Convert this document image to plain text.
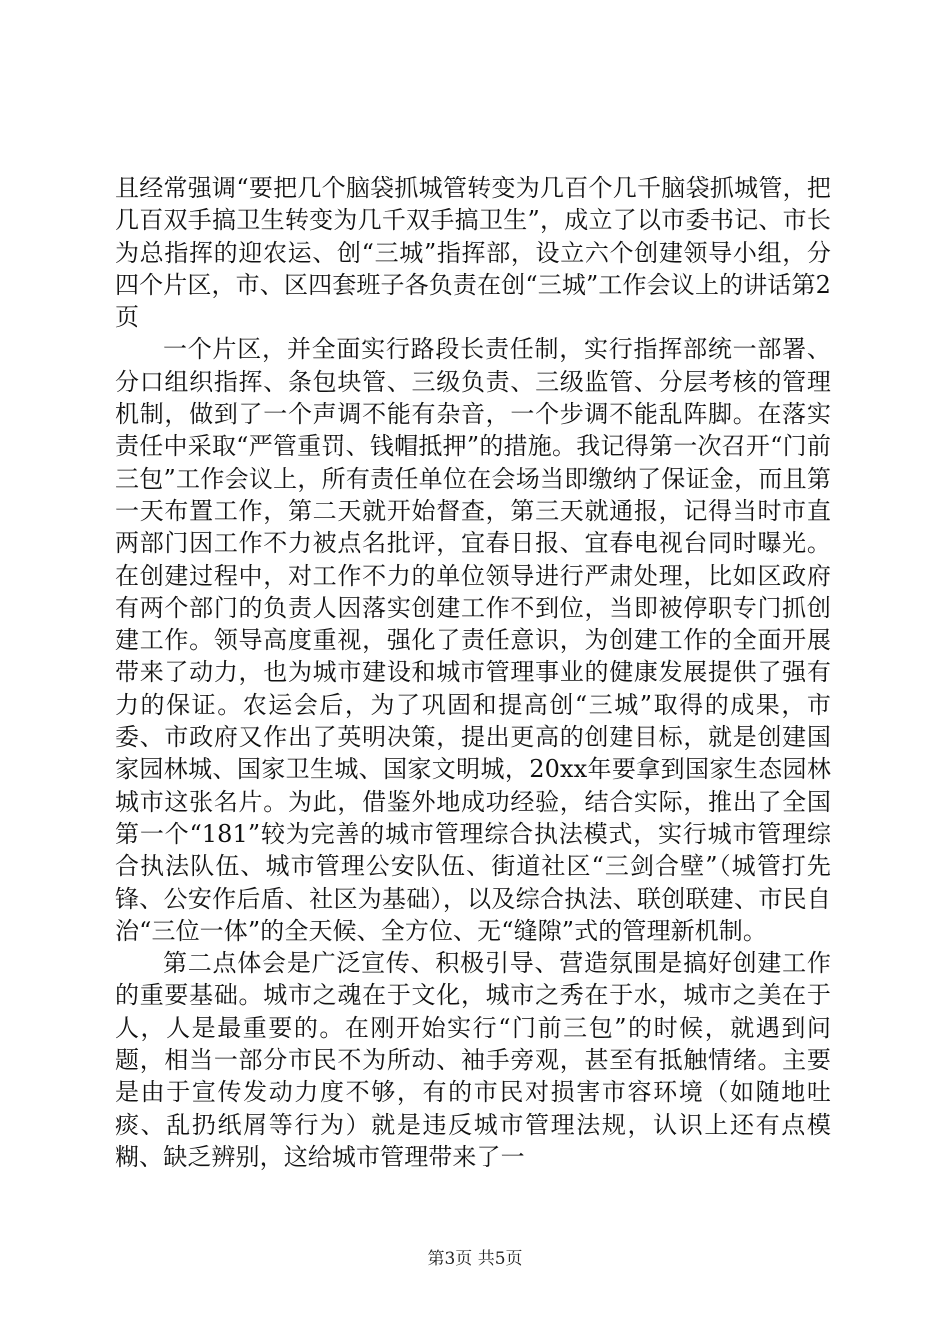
且经常强调“要把几个脑袋抓城管转变为几百个几千脑袋抓城管，把几百双手搞卫生转变为几千双手搞卫生”，成立了以市委书记、市长为总指挥的迎农运、创“三城”指挥部，设立六个创建领导小组，分四个片区，市、区四套班子各负责在创“三城”工作会议上的讲话第2页

一个片区，并全面实行路段长责任制，实行指挥部统一部署、分口组织指挥、条包块管、三级负责、三级监管、分层考核的管理机制，做到了一个声调不能有杂音，一个步调不能乱阵脚。在落实责任中采取“严管重罚、钱帽抵押”的措施。我记得第一次召开“门前三包”工作会议上，所有责任单位在会场当即缴纳了保证金，而且第一天布置工作，第二天就开始督查，第三天就通报，记得当时市直两部门因工作不力被点名批评，宜春日报、宜春电视台同时曝光。在创建过程中，对工作不力的单位领导进行严肃处理，比如区政府有两个部门的负责人因落实创建工作不到位，当即被停职专门抓创建工作。领导高度重视，强化了责任意识，为创建工作的全面开展带来了动力，也为城市建设和城市管理事业的健康发展提供了强有力的保证。农运会后，为了巩固和提高创“三城”取得的成果，市委、市政府又作出了英明决策，提出更高的创建目标，就是创建国家园林城、国家卫生城、国家文明城，20xx年要拿到国家生态园林城市这张名片。为此，借鉴外地成功经验，结合实际，推出了全国第一个“181”较为完善的城市管理综合执法模式，实行城市管理综合执法队伍、城市管理公安队伍、街道社区“三剑合壁”（城管打先锋、公安作后盾、社区为基础），以及综合执法、联创联建、市民自治“三位一体”的全天候、全方位、无“缝隙”式的管理新机制。

第二点体会是广泛宣传、积极引导、营造氛围是搞好创建工作的重要基础。城市之魂在于文化，城市之秀在于水，城市之美在于人，人是最重要的。在刚开始实行“门前三包”的时候，就遇到问题，相当一部分市民不为所动、袖手旁观，甚至有抵触情绪。主要是由于宣传发动力度不够，有的市民对损害市容环境（如随地吐痰、乱扔纸屑等行为）就是违反城市管理法规，认识上还有点模糊、缺乏辨别，这给城市管理带来了一

第3页 共5页
